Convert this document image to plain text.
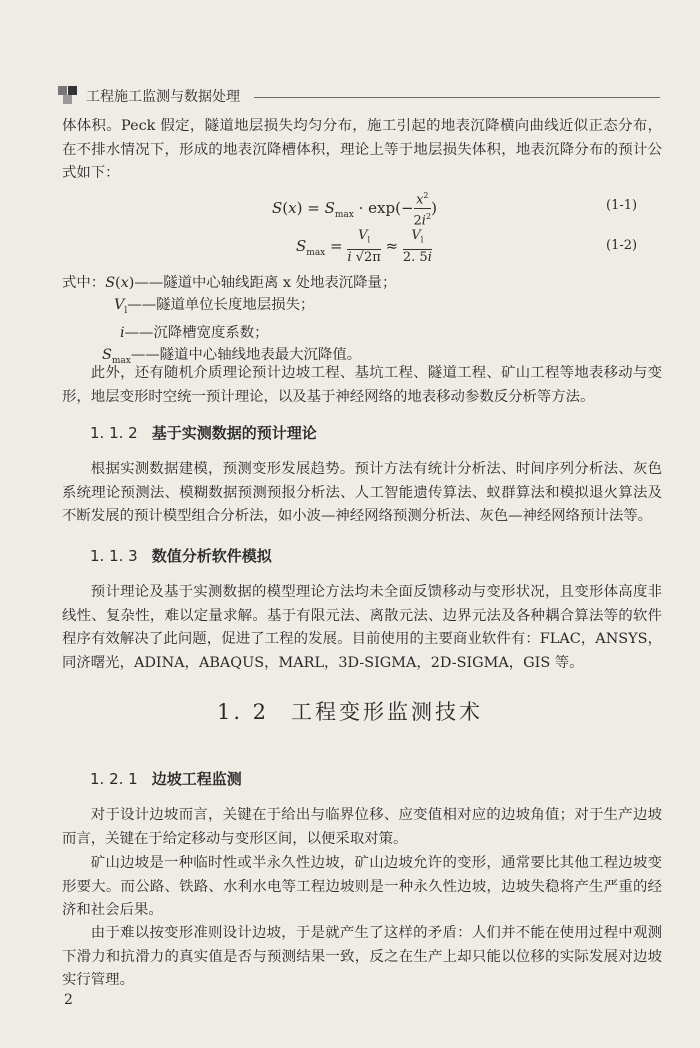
工程施工监测与数据处理
体体积。Peck 假定，隧道地层损失均匀分布，施工引起的地表沉降横向曲线近似正态分布，在不排水情况下，形成的地表沉降槽体积，理论上等于地层损失体积，地表沉降分布的预计公式如下：
$S(x) = S_{max} \cdot \exp(- \frac{x^2}{2i^2}$ )	(1-1)
$S_{max} = \frac{V_l}{i √2\pi} \approx \frac{V_l}{2. 5i}$	(1-2)
式中：S(x)——隧道中心轴线距离 x 处地表沉降量；
$V_l——$隧道单位长度地层损失；
i——沉降槽宽度系数；
$S_{max}——$隧道中心轴线地表最大沉降值。
此外，还有随机介质理论预计边坡工程、基坑工程、隧道工程、矿山工程等地表移动与变形，地层变形时空统一预计理论，以及基于神经网络的地表移动参数反分析等方法。
1. 1. 2 基于实测数据的预计理论
根据实测数据建模，预测变形发展趋势。预计方法有统计分析法、时间序列分析法、灰色系统理论预测法、模糊数据预测预报分析法、人工智能遗传算法、蚁群算法和模拟退火算法及不断发展的预计模型组合分析法，如小波—神经网络预测分析法、灰色—神经网络预计法等。
1. 1. 3 数值分析软件模拟
预计理论及基于实测数据的模型理论方法均未全面反馈移动与变形状况，且变形体高度非线性、复杂性，难以定量求解。基于有限元法、离散元法、边界元法及各种耦合算法等的软件程序有效解决了此问题，促进了工程的发展。目前使用的主要商业软件有：FLAC，ANSYS，同济曙光，ADINA，ABAQUS，MARL，3D-SIGMA，2D-SIGMA，GIS 等。
1. 2 工程变形监测技术
1. 2. 1 边坡工程监测
对于设计边坡而言，关键在于给出与临界位移、应变值相对应的边坡角值；对于生产边坡而言，关键在于给定移动与变形区间，以便采取对策。
矿山边坡是一种临时性或半永久性边坡，矿山边坡允许的变形，通常要比其他工程边坡变形要大。而公路、铁路、水利水电等工程边坡则是一种永久性边坡，边坡失稳将产生严重的经济和社会后果。
由于难以按变形准则设计边坡，于是就产生了这样的矛盾：人们并不能在使用过程中观测下滑力和抗滑力的真实值是否与预测结果一致，反之在生产上却只能以位移的实际发展对边坡实行管理。
2
